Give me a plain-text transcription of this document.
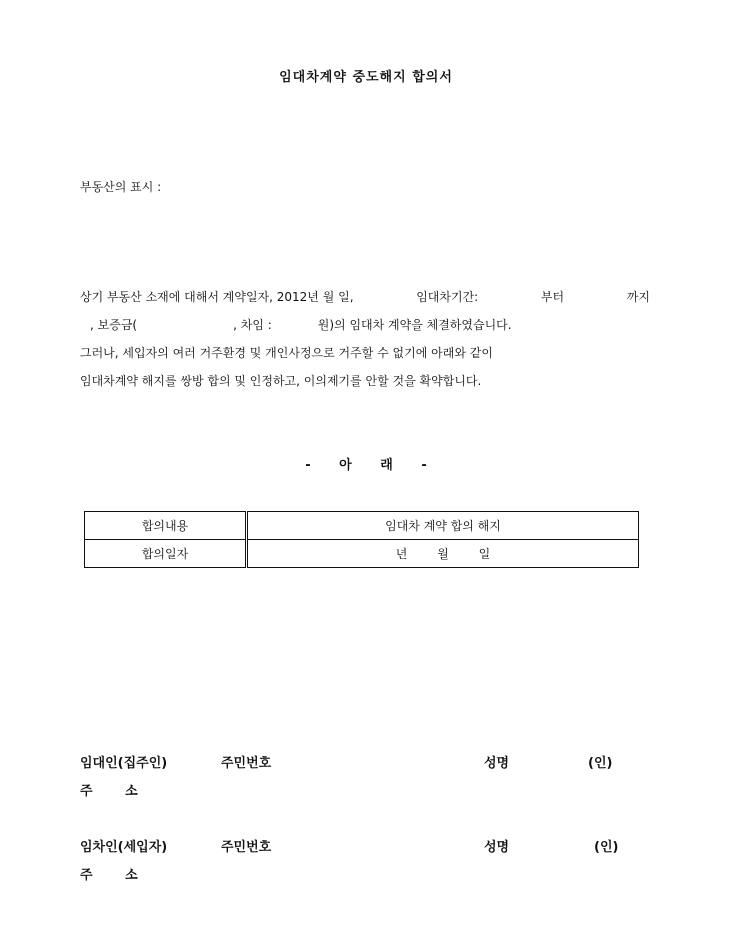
임대차계약 중도해지 합의서
부동산의 표시 :
상기 부동산 소재에 대해서 계약일자, 2012년 월 일,	임대차기간:	부터	까지
, 보증금(	, 차임 :	원)의 임대차 계약을 체결하였습니다.
그러나, 세입자의 여러 거주환경 및 개인사정으로 거주할 수 없기에 아래와 같이
임대차계약 해지를 쌍방 합의 및 인정하고, 이의제기를 안할 것을 확약합니다.
- 아 래 -
합의내용	임대차 계약 합의 해지
합의일자	년 월 일
임대인(집주인)	주민번호	성명	(인)
주 소
임차인(세입자)	주민번호	성명	(인)
주 소
